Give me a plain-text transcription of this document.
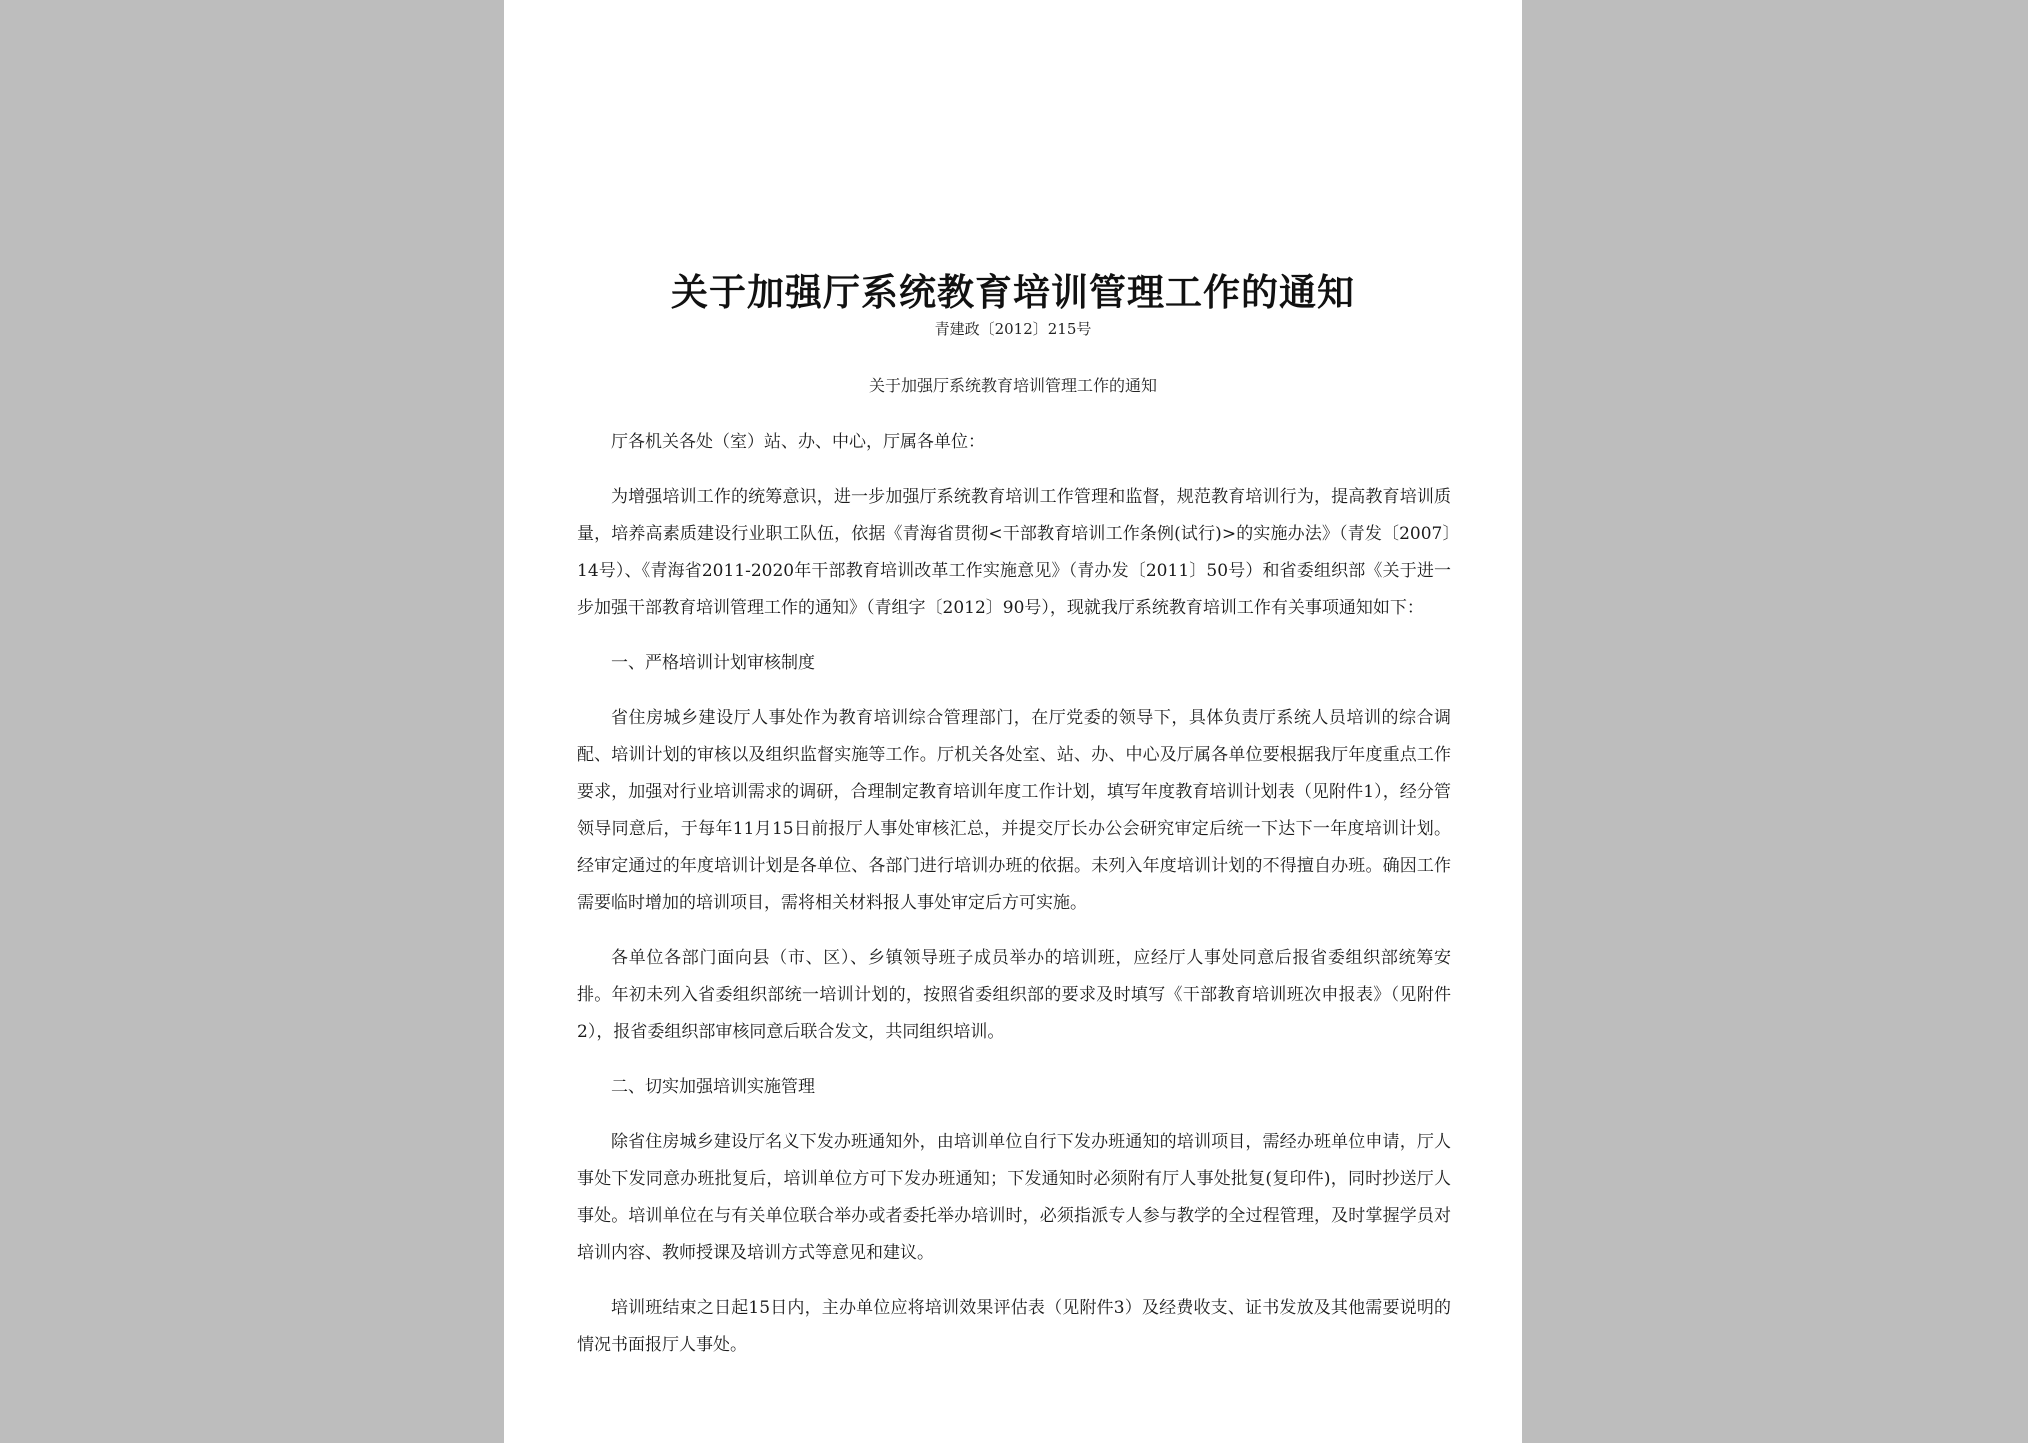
关于加强厅系统教育培训管理工作的通知
青建政〔2012〕215号
关于加强厅系统教育培训管理工作的通知

厅各机关各处（室）站、办、中心，厅属各单位：

为增强培训工作的统筹意识，进一步加强厅系统教育培训工作管理和监督，规范教育培训行为，提高教育培训质量，培养高素质建设行业职工队伍，依据《青海省贯彻<干部教育培训工作条例(试行)>的实施办法》（青发〔2007〕14号）、《青海省2011-2020年干部教育培训改革工作实施意见》（青办发〔2011〕50号）和省委组织部《关于进一步加强干部教育培训管理工作的通知》（青组字〔2012〕90号），现就我厅系统教育培训工作有关事项通知如下：

一、严格培训计划审核制度

省住房城乡建设厅人事处作为教育培训综合管理部门，在厅党委的领导下，具体负责厅系统人员培训的综合调配、培训计划的审核以及组织监督实施等工作。厅机关各处室、站、办、中心及厅属各单位要根据我厅年度重点工作要求，加强对行业培训需求的调研，合理制定教育培训年度工作计划，填写年度教育培训计划表（见附件1），经分管领导同意后，于每年11月15日前报厅人事处审核汇总，并提交厅长办公会研究审定后统一下达下一年度培训计划。经审定通过的年度培训计划是各单位、各部门进行培训办班的依据。未列入年度培训计划的不得擅自办班。确因工作需要临时增加的培训项目，需将相关材料报人事处审定后方可实施。

各单位各部门面向县（市、区）、乡镇领导班子成员举办的培训班，应经厅人事处同意后报省委组织部统筹安排。年初未列入省委组织部统一培训计划的，按照省委组织部的要求及时填写《干部教育培训班次申报表》（见附件2），报省委组织部审核同意后联合发文，共同组织培训。

二、切实加强培训实施管理

除省住房城乡建设厅名义下发办班通知外，由培训单位自行下发办班通知的培训项目，需经办班单位申请，厅人事处下发同意办班批复后，培训单位方可下发办班通知；下发通知时必须附有厅人事处批复(复印件)，同时抄送厅人事处。培训单位在与有关单位联合举办或者委托举办培训时，必须指派专人参与教学的全过程管理，及时掌握学员对培训内容、教师授课及培训方式等意见和建议。

培训班结束之日起15日内，主办单位应将培训效果评估表（见附件3）及经费收支、证书发放及其他需要说明的情况书面报厅人事处。
